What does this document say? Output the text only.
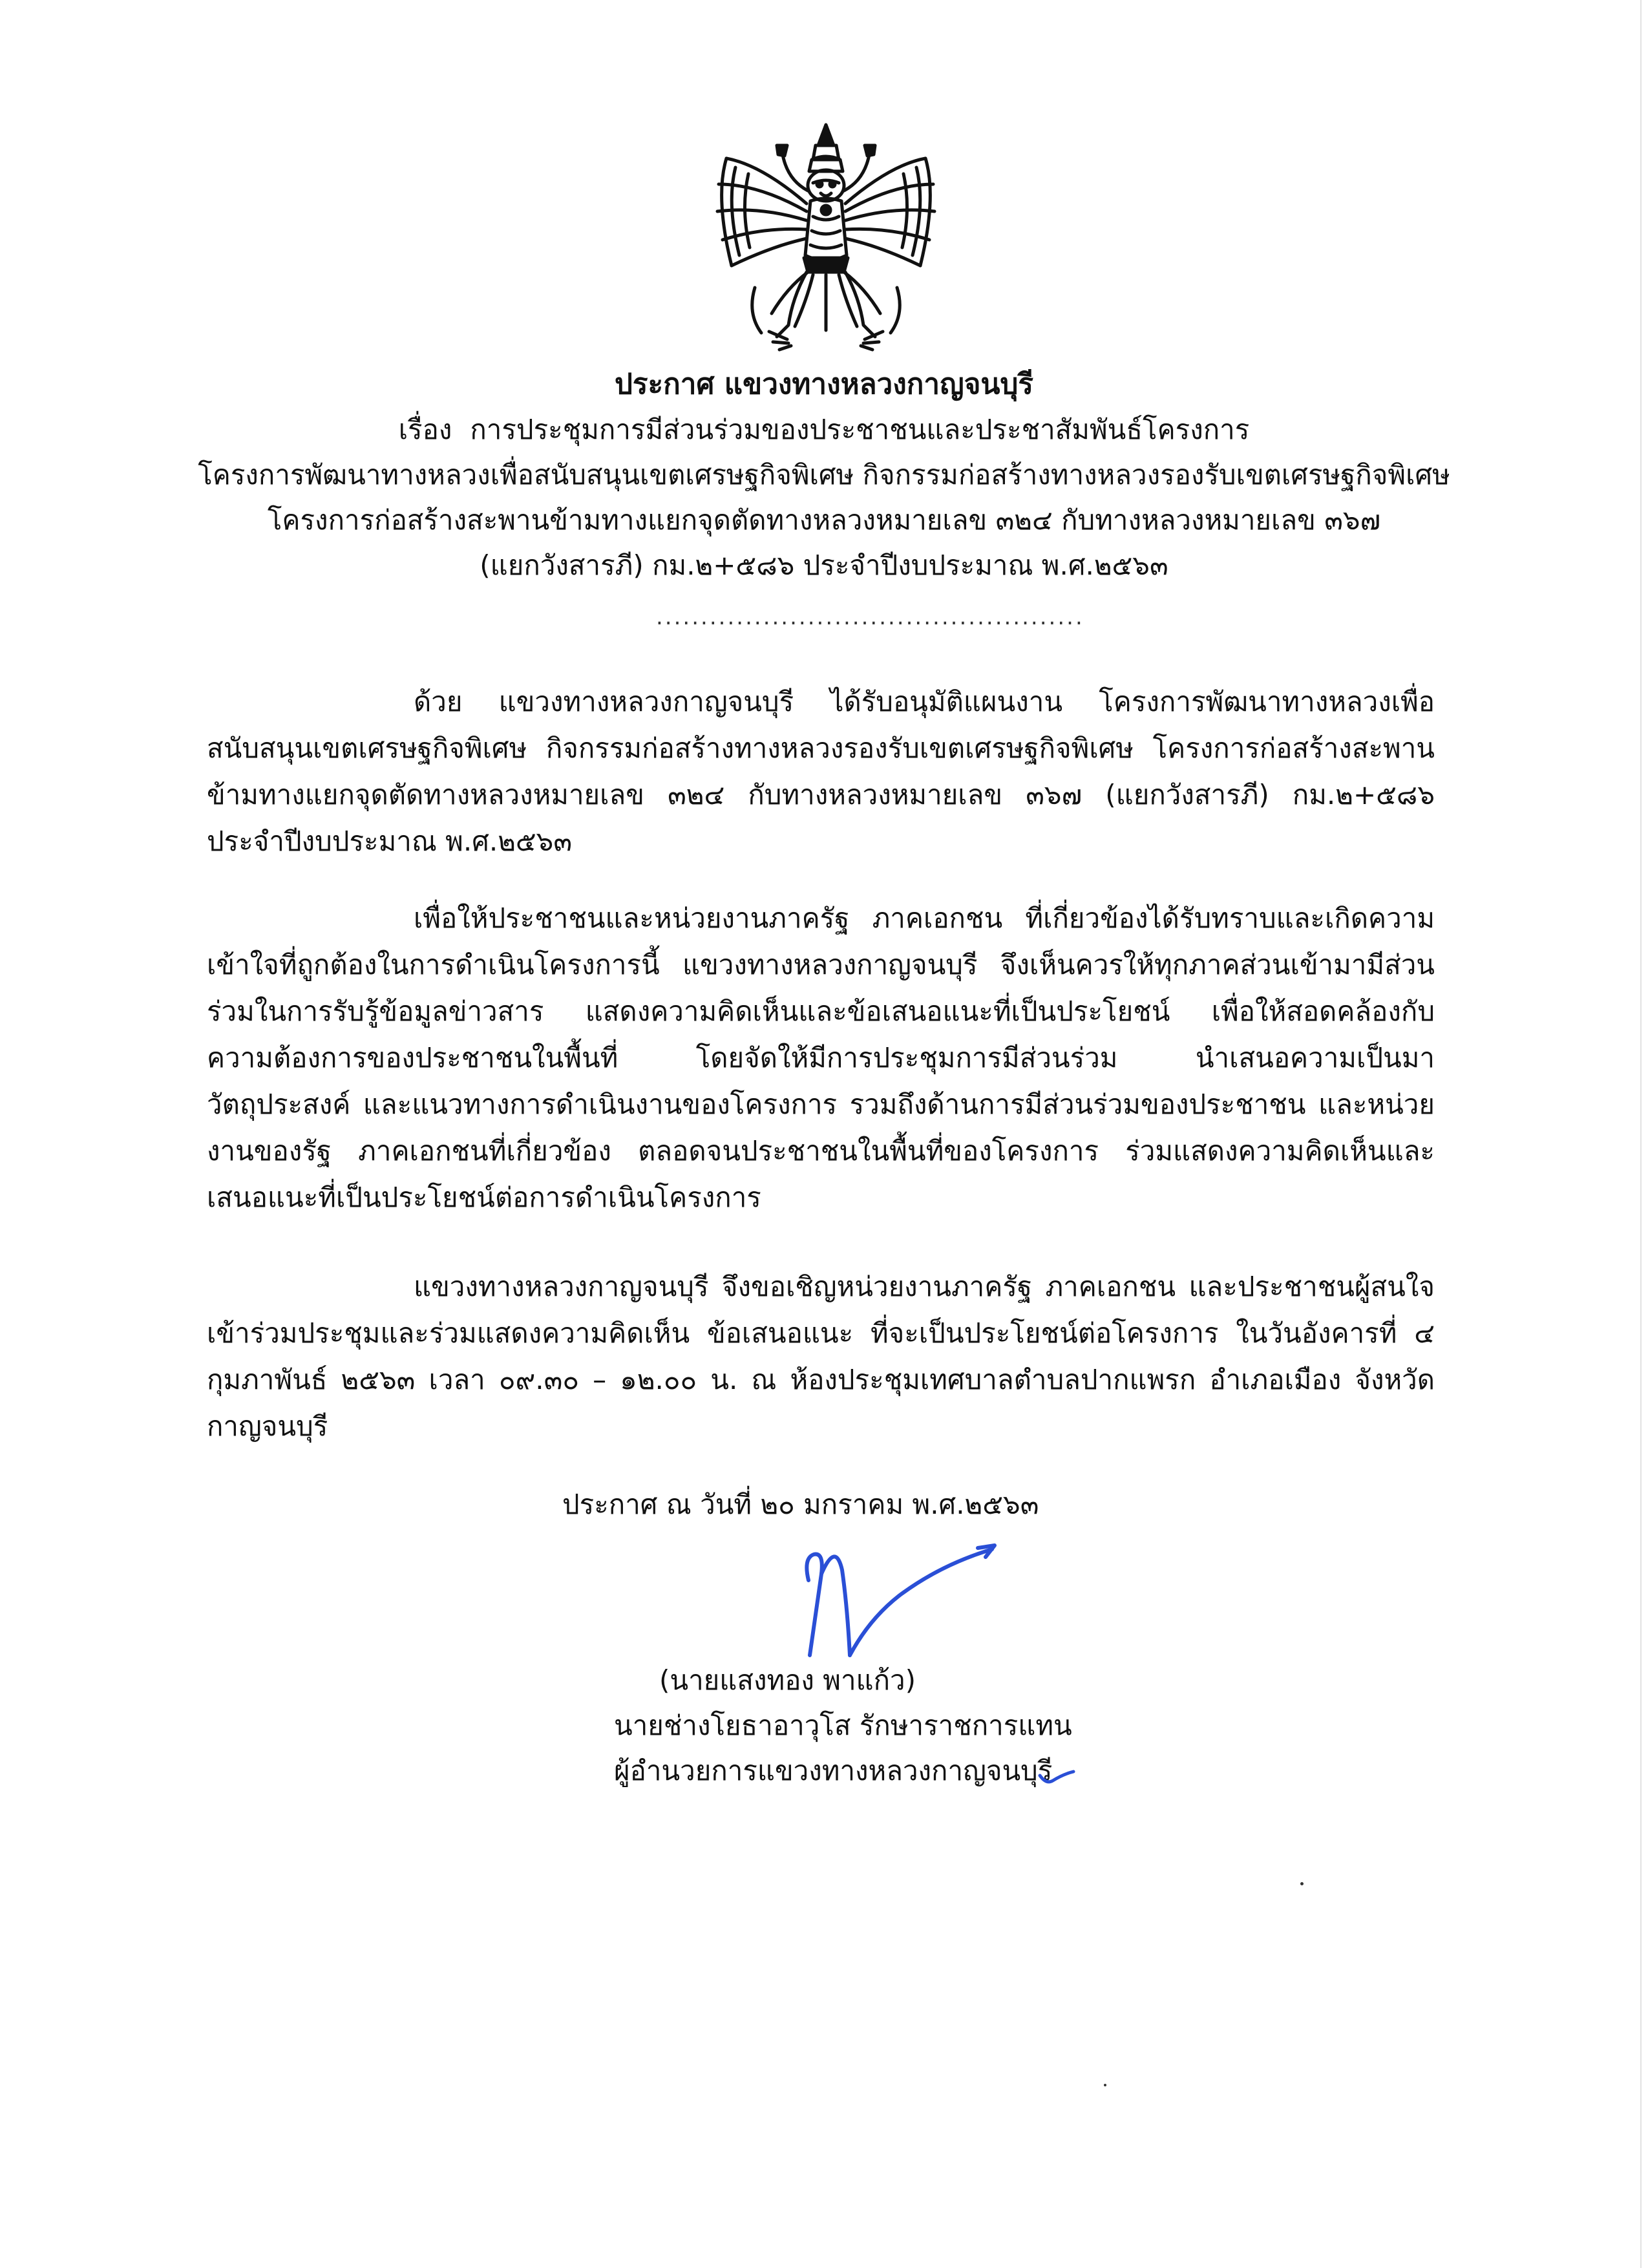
ประกาศ แขวงทางหลวงกาญจนบุรี
เรื่อง การประชุมการมีส่วนร่วมของประชาชนและประชาสัมพันธ์โครงการ
โครงการพัฒนาทางหลวงเพื่อสนับสนุนเขตเศรษฐกิจพิเศษ กิจกรรมก่อสร้างทางหลวงรองรับเขตเศรษฐกิจพิเศษ
โครงการก่อสร้างสะพานข้ามทางแยกจุดตัดทางหลวงหมายเลข ๓๒๔ กับทางหลวงหมายเลข ๓๖๗
(แยกวังสารภี) กม.๒+๕๘๖ ประจำปีงบประมาณ พ.ศ.๒๕๖๓
................................................
ด้วย แขวงทางหลวงกาญจนบุรี ได้รับอนุมัติแผนงาน โครงการพัฒนาทางหลวงเพื่อสนับสนุนเขตเศรษฐกิจพิเศษ กิจกรรมก่อสร้างทางหลวงรองรับเขตเศรษฐกิจพิเศษ โครงการก่อสร้างสะพานข้ามทางแยกจุดตัดทางหลวงหมายเลข ๓๒๔ กับทางหลวงหมายเลข ๓๖๗ (แยกวังสารภี) กม.๒+๕๘๖ ประจำปีงบประมาณ พ.ศ.๒๕๖๓
เพื่อให้ประชาชนและหน่วยงานภาครัฐ ภาคเอกชน ที่เกี่ยวข้องได้รับทราบและเกิดความเข้าใจที่ถูกต้องในการดำเนินโครงการนี้ แขวงทางหลวงกาญจนบุรี จึงเห็นควรให้ทุกภาคส่วนเข้ามามีส่วนร่วมในการรับรู้ข้อมูลข่าวสาร แสดงความคิดเห็นและข้อเสนอแนะที่เป็นประโยชน์ เพื่อให้สอดคล้องกับความต้องการของประชาชนในพื้นที่ โดยจัดให้มีการประชุมการมีส่วนร่วม นำเสนอความเป็นมา วัตถุประสงค์ และแนวทางการดำเนินงานของโครงการ รวมถึงด้านการมีส่วนร่วมของประชาชน และหน่วยงานของรัฐ ภาคเอกชนที่เกี่ยวข้อง ตลอดจนประชาชนในพื้นที่ของโครงการ ร่วมแสดงความคิดเห็นและเสนอแนะที่เป็นประโยชน์ต่อการดำเนินโครงการ
แขวงทางหลวงกาญจนบุรี จึงขอเชิญหน่วยงานภาครัฐ ภาคเอกชน และประชาชนผู้สนใจเข้าร่วมประชุมและร่วมแสดงความคิดเห็น ข้อเสนอแนะ ที่จะเป็นประโยชน์ต่อโครงการ ในวันอังคารที่ ๔ กุมภาพันธ์ ๒๕๖๓ เวลา ๐๙.๓๐ – ๑๒.๐๐ น. ณ ห้องประชุมเทศบาลตำบลปากแพรก อำเภอเมือง จังหวัดกาญจนบุรี
ประกาศ ณ วันที่ ๒๐ มกราคม พ.ศ.๒๕๖๓
(นายแสงทอง พาแก้ว)
นายช่างโยธาอาวุโส รักษาราชการแทน
ผู้อำนวยการแขวงทางหลวงกาญจนบุรี
